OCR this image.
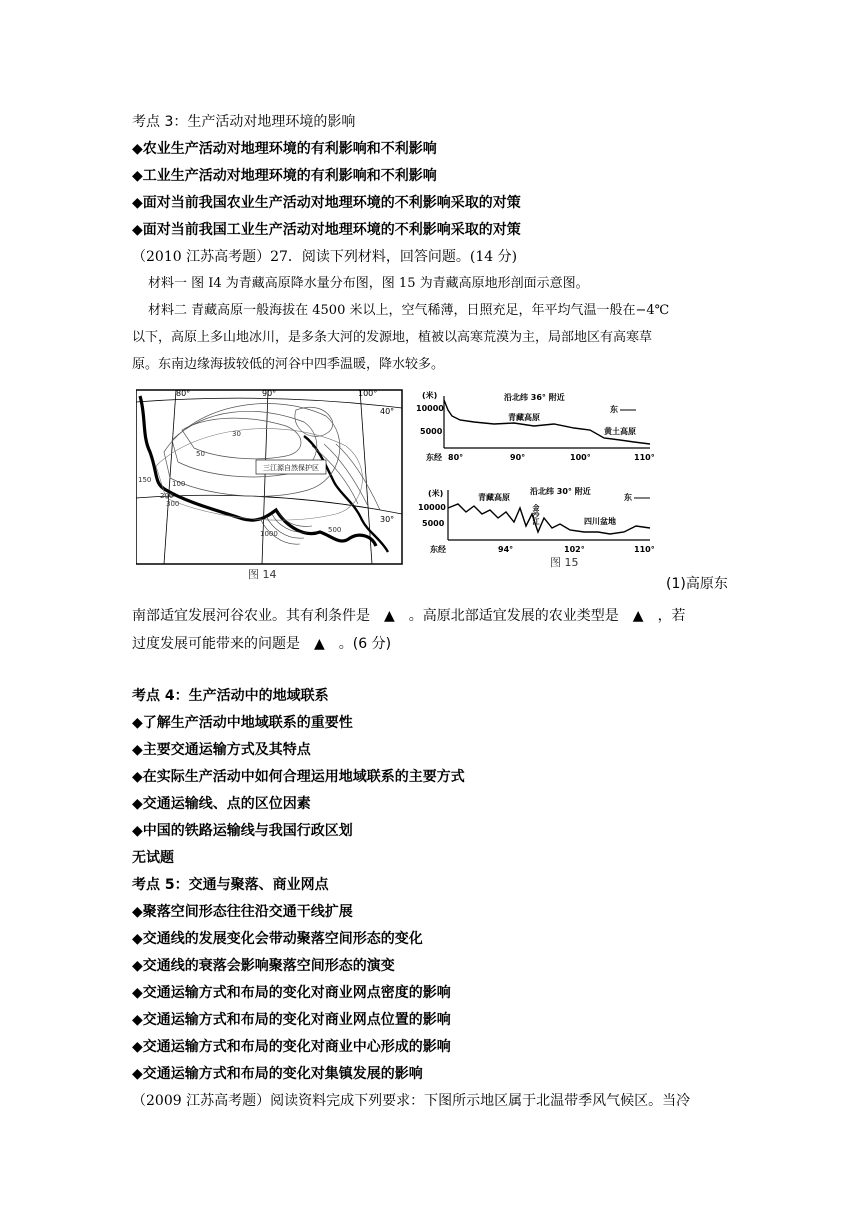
考点 3：生产活动对地理环境的影响
◆农业生产活动对地理环境的有利影响和不利影响
◆工业生产活动对地理环境的有利影响和不利影响
◆面对当前我国农业生产活动对地理环境的不利影响采取的对策
◆面对当前我国工业生产活动对地理环境的不利影响采取的对策
（2010 江苏高考题）27．阅读下列材料，回答问题。(14 分)
材料一 图 I4 为青藏高原降水量分布图，图 15 为青藏高原地形剖面示意图。
材料二 青藏高原一般海拔在 4500 米以上，空气稀薄，日照充足，年平均气温一般在−4℃
以下，高原上多山地冰川，是多条大河的发源地，植被以高寒荒漠为主，局部地区有高寒草
原。东南边缘海拔较低的河谷中四季温暖，降水较多。
三江源自然保护区
30
50
100
150
200
300
500
1000
80°	90°	100°
40°
30°
图 14
(米)
10000
5000
沿北纬 36° 附近
青藏高原
黄土高原
东
东经 80°	90°	100°	110°
(米)
10000
5000
沿北纬 30° 附近
青藏高原
金沙江	四川盆地
东
东经	94°	102°	110°
图 15
(1)高原东
南部适宜发展河谷农业。其有利条件是 ▲ 。高原北部适宜发展的农业类型是 ▲ ，若
过度发展可能带来的问题是 ▲ 。(6 分)
考点 4：生产活动中的地域联系
◆了解生产活动中地域联系的重要性
◆主要交通运输方式及其特点
◆在实际生产活动中如何合理运用地域联系的主要方式
◆交通运输线、点的区位因素
◆中国的铁路运输线与我国行政区划
无试题
考点 5：交通与聚落、商业网点
◆聚落空间形态往往沿交通干线扩展
◆交通线的发展变化会带动聚落空间形态的变化
◆交通线的衰落会影响聚落空间形态的演变
◆交通运输方式和布局的变化对商业网点密度的影响
◆交通运输方式和布局的变化对商业网点位置的影响
◆交通运输方式和布局的变化对商业中心形成的影响
◆交通运输方式和布局的变化对集镇发展的影响
（2009 江苏高考题）阅读资料完成下列要求：下图所示地区属于北温带季风气候区。当冷
